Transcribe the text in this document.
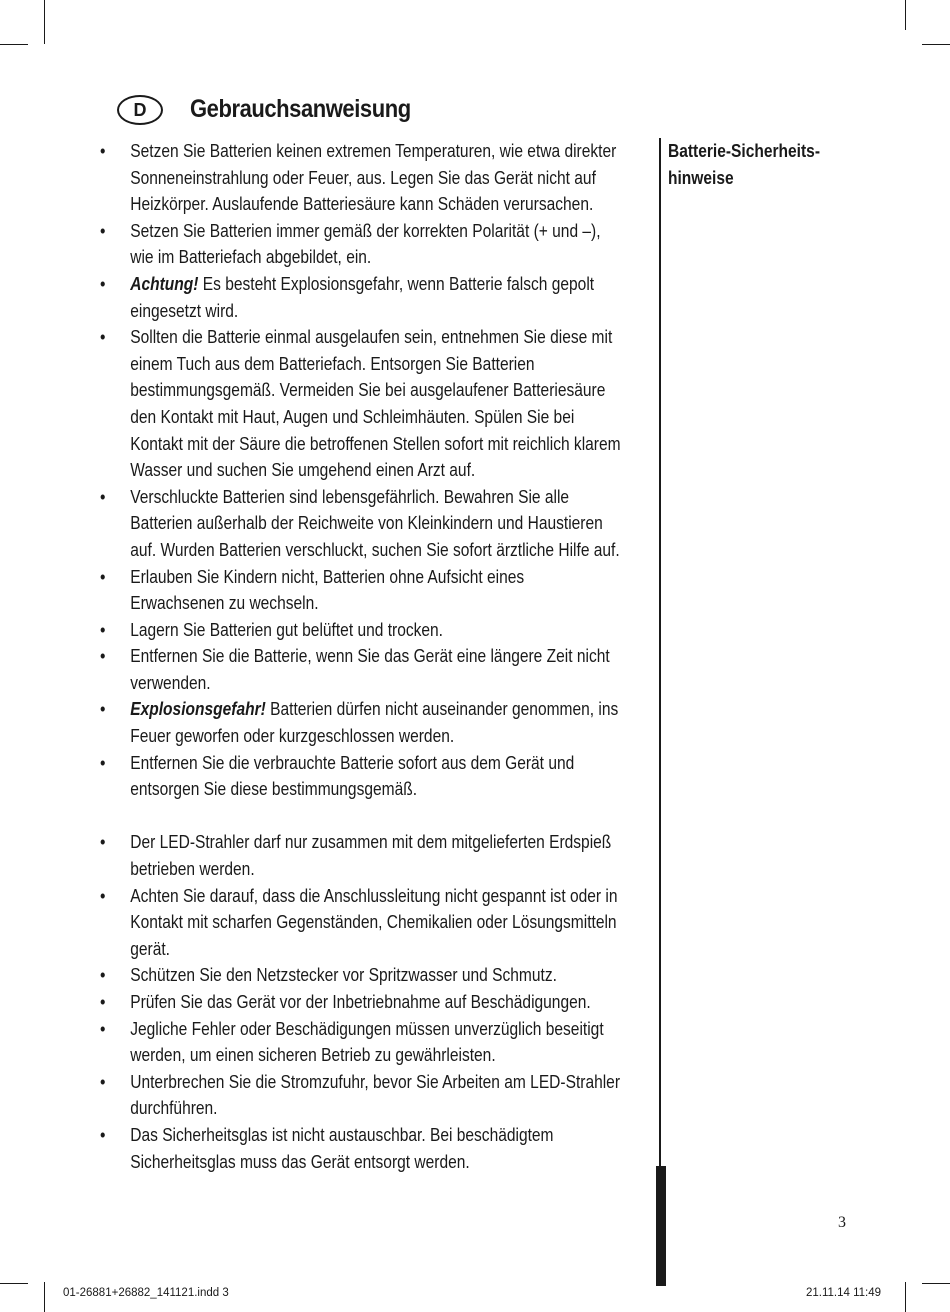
D	Gebrauchsanweisung
• Setzen Sie Batterien keinen extremen Temperaturen, wie etwa direkter Sonneneinstrahlung oder Feuer, aus. Legen Sie das Gerät nicht auf Heizkörper. Auslaufende Batteriesäure kann Schäden verursachen.
• Setzen Sie Batterien immer gemäß der korrekten Polarität (+ und –), wie im Batteriefach abgebildet, ein.
• Achtung! Es besteht Explosionsgefahr, wenn Batterie falsch gepolt eingesetzt wird.
• Sollten die Batterie einmal ausgelaufen sein, entnehmen Sie diese mit einem Tuch aus dem Batteriefach. Entsorgen Sie Batterien bestimmungsgemäß. Vermeiden Sie bei ausgelaufener Batteriesäure den Kontakt mit Haut, Augen und Schleimhäuten. Spülen Sie bei Kontakt mit der Säure die betroffenen Stellen sofort mit reichlich klarem Wasser und suchen Sie umgehend einen Arzt auf.
• Verschluckte Batterien sind lebensgefährlich. Bewahren Sie alle Batterien außerhalb der Reichweite von Kleinkindern und Haustieren auf. Wurden Batterien verschluckt, suchen Sie sofort ärztliche Hilfe auf.
• Erlauben Sie Kindern nicht, Batterien ohne Aufsicht eines Erwachsenen zu wechseln.
• Lagern Sie Batterien gut belüftet und trocken.
• Entfernen Sie die Batterie, wenn Sie das Gerät eine längere Zeit nicht verwenden.
• Explosionsgefahr! Batterien dürfen nicht auseinander genommen, ins Feuer geworfen oder kurzgeschlossen werden.
• Entfernen Sie die verbrauchte Batterie sofort aus dem Gerät und entsorgen Sie diese bestimmungsgemäß.
• Der LED-Strahler darf nur zusammen mit dem mitgelieferten Erdspieß betrieben werden.
• Achten Sie darauf, dass die Anschlussleitung nicht gespannt ist oder in Kontakt mit scharfen Gegenständen, Chemikalien oder Lösungsmitteln gerät.
• Schützen Sie den Netzstecker vor Spritzwasser und Schmutz.
• Prüfen Sie das Gerät vor der Inbetriebnahme auf Beschädigungen.
• Jegliche Fehler oder Beschädigungen müssen unverzüglich beseitigt werden, um einen sicheren Betrieb zu gewährleisten.
• Unterbrechen Sie die Stromzufuhr, bevor Sie Arbeiten am LED-Strahler durchführen.
• Das Sicherheitsglas ist nicht austauschbar. Bei beschädigtem Sicherheitsglas muss das Gerät entsorgt werden.
Batterie-Sicherheits-
hinweise
3
01-26881+26882_141121.indd 3	21.11.14 11:49
